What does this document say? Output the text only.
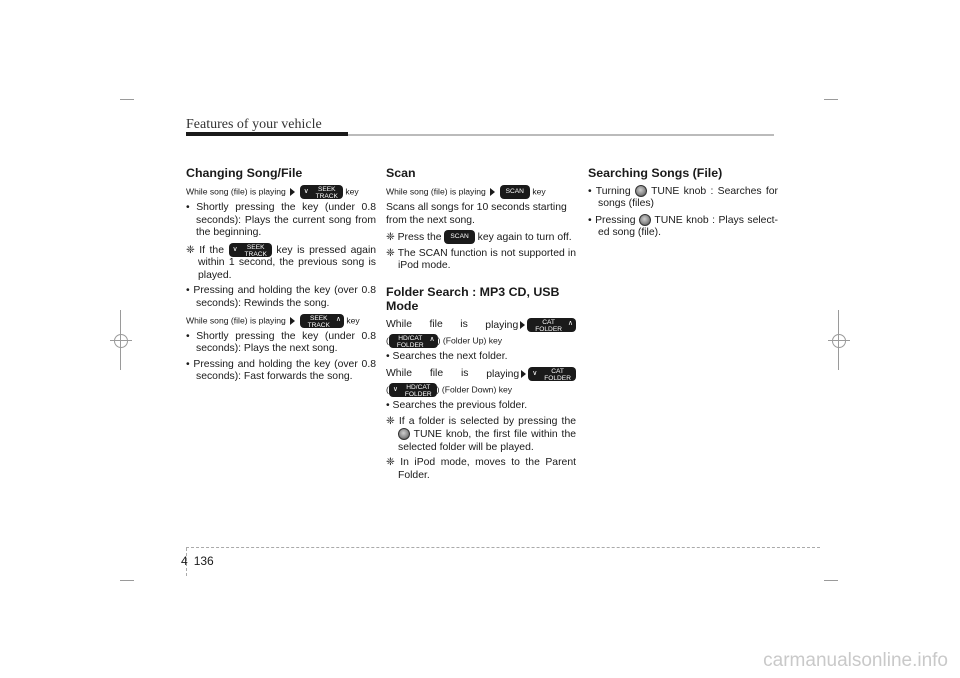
Features of your vehicle
Changing Song/File
While song (file) is playing	∨ SEEK
TRACK key
• Shortly pressing the key (under 0.8 seconds): Plays the current song from the beginning.
❈ If the ∨ SEEK
TRACK key is pressed again within 1 second, the previous song is played.
• Pressing and holding the key (over 0.8 seconds): Rewinds the song.
While song (file) is playing	SEEK
TRACK
∧ key
• Shortly pressing the key (under 0.8 seconds): Plays the next song.
• Pressing and holding the key (over 0.8 seconds): Fast forwards the song.
Scan
While song (file) is playing	SCAN key

Scans all songs for 10 seconds starting from the next song.

❈ Press the SCAN key again to turn off.
❈ The SCAN function is not supported in iPod mode.
Folder Search : MP3 CD, USB Mode
While file is playing	CAT
FOLDER
∧
( HD/CAT
FOLDER
∧ ) (Folder Up) key
• Searches the next folder.
While file is playing ∨ CAT
FOLDER
( ∨ HD/CAT
FOLDER) (Folder Down) key
• Searches the previous folder.
❈ If a folder is selected by pressing the  TUNE knob, the first file within the selected folder will be played.
❈ In iPod mode, moves to the Parent Folder.
Searching Songs (File)
• Turning TUNE knob : Searches for songs (files)
• Pressing TUNE knob : Plays select-ed song (file).
4 136
carmanualsonline.info
